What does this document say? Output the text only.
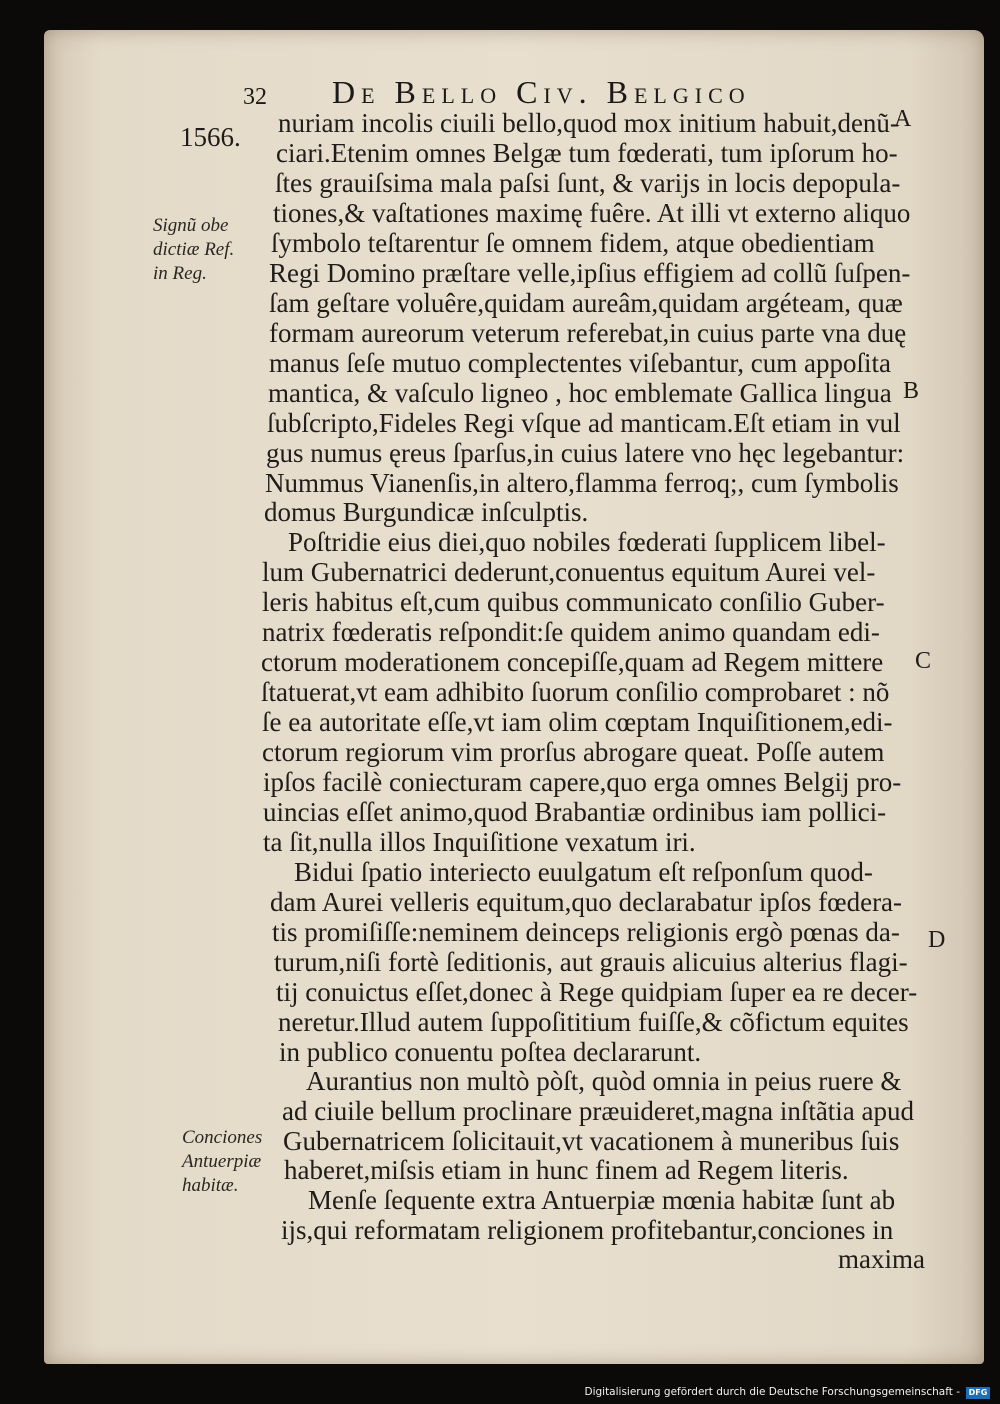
32 De Bello Civ. Belgico
1566. nuriam incolis ciuili bello,quod mox initium habuit,denũ-
ciari.Etenim omnes Belgæ tum fœderati, tum ipſorum ho-
ſtes grauiſsima mala paſsi ſunt, & varijs in locis depopula-
tiones,& vaſtationes maximę fuêre. At illi vt externo aliquo
ſymbolo teſtarentur ſe omnem fidem, atque obedientiam
Regi Domino præſtare velle,ipſius effigiem ad collũ ſuſpen-
ſam geſtare voluêre,quidam aureâm,quidam argéteam, quæ
formam aureorum veterum referebat,in cuius parte vna duę
manus ſeſe mutuo complectentes viſebantur, cum appoſita
mantica, & vaſculo ligneo , hoc emblemate Gallica lingua
ſubſcripto,Fideles Regi vſque ad manticam.Eſt etiam in vul
gus numus ęreus ſparſus,in cuius latere vno hęc legebantur:
Nummus Vianenſis,in altero,flamma ferroq;, cum ſymbolis
domus Burgundicæ inſculptis.
Poſtridie eius diei,quo nobiles fœderati ſupplicem libel-
lum Gubernatrici dederunt,conuentus equitum Aurei vel-
leris habitus eſt,cum quibus communicato conſilio Guber-
natrix fœderatis reſpondit:ſe quidem animo quandam edi-
ctorum moderationem concepiſſe,quam ad Regem mittere
ſtatuerat,vt eam adhibito ſuorum conſilio comprobaret : nõ
ſe ea autoritate eſſe,vt iam olim cœptam Inquiſitionem,edi-
ctorum regiorum vim prorſus abrogare queat. Poſſe autem
ipſos facilè coniecturam capere,quo erga omnes Belgij pro-
uincias eſſet animo,quod Brabantiæ ordinibus iam pollici-
ta ſit,nulla illos Inquiſitione vexatum iri.
Bidui ſpatio interiecto euulgatum eſt reſponſum quod-
dam Aurei velleris equitum,quo declarabatur ipſos fœdera-
tis promiſiſſe:neminem deinceps religionis ergò pœnas da-
turum,niſi fortè ſeditionis, aut grauis alicuius alterius flagi-
tij conuictus eſſet,donec à Rege quidpiam ſuper ea re decer-
neretur.Illud autem ſuppoſititium fuiſſe,& cõfictum equites
in publico conuentu poſtea declararunt.
Aurantius non multò pòſt, quòd omnia in peius ruere &
ad ciuile bellum proclinare præuideret,magna inſtãtia apud
Gubernatricem ſolicitauit,vt vacationem à muneribus ſuis
haberet,miſsis etiam in hunc finem ad Regem literis.
Menſe ſequente extra Antuerpiæ mœnia habitæ ſunt ab
ijs,qui reformatam religionem profitebantur,conciones in
maxima
Signũ obe
dictiæ Ref.
in Reg.
Conciones
Antuerpiæ
habitæ.
A
B
C
D
Digitalisierung gefördert durch die Deutsche Forschungsgemeinschaft -	DFG
